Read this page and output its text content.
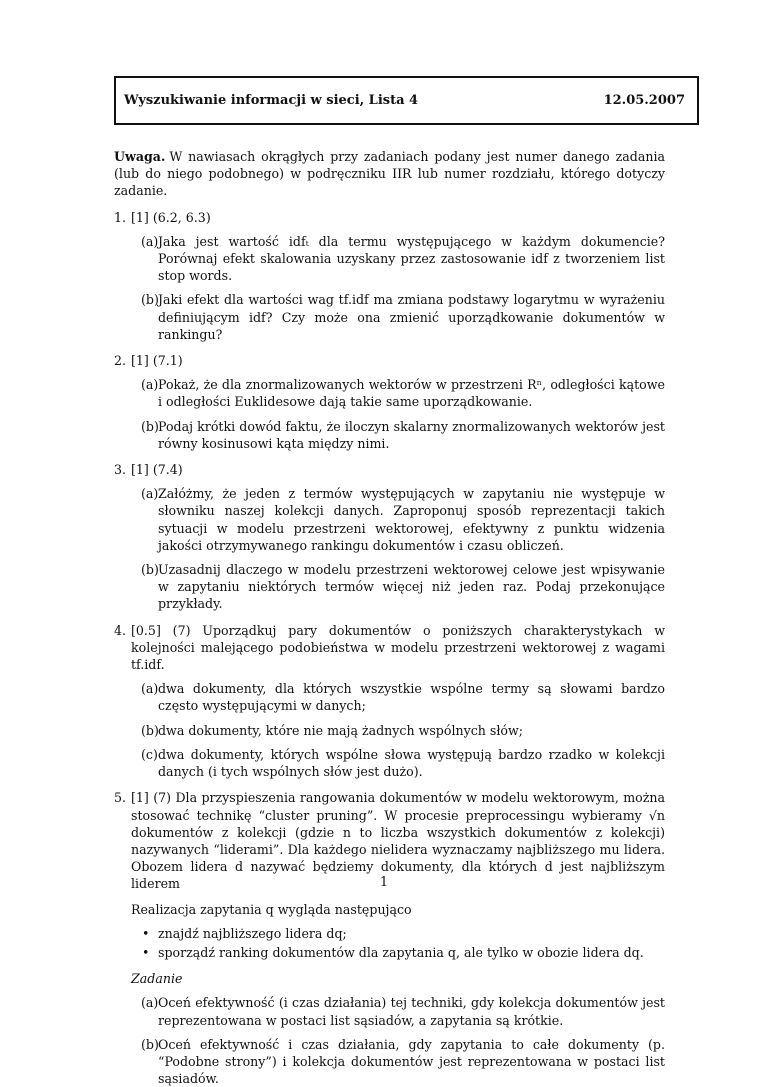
Wyszukiwanie informacji w sieci, Lista 4	12.05.2007

Uwaga. W nawiasach okrągłych przy zadaniach podany jest numer danego zadania (lub do niego podobnego) w podręczniku IIR lub numer rozdziału, którego dotyczy zadanie.

1. [1] (6.2, 6.3)

(a) Jaka jest wartość idfₜ dla termu występującego w każdym dokumencie? Porównaj efekt skalowania uzyskany przez zastosowanie idf z tworzeniem list stop words.

(b) Jaki efekt dla wartości wag tf.idf ma zmiana podstawy logarytmu w wyrażeniu definiującym idf? Czy może ona zmienić uporządkowanie dokumentów w rankingu?

2. [1] (7.1)

(a) Pokaż, że dla znormalizowanych wektorów w przestrzeni Rⁿ, odległości kątowe i odległości Euklidesowe dają takie same uporządkowanie.

(b) Podaj krótki dowód faktu, że iloczyn skalarny znormalizowanych wektorów jest równy kosinusowi kąta między nimi.

3. [1] (7.4)

(a) Załóżmy, że jeden z termów występujących w zapytaniu nie występuje w słowniku naszej kolekcji danych. Zaproponuj sposób reprezentacji takich sytuacji w modelu przestrzeni wektorowej, efektywny z punktu widzenia jakości otrzymywanego rankingu dokumentów i czasu obliczeń.

(b) Uzasadnij dlaczego w modelu przestrzeni wektorowej celowe jest wpisywanie w zapytaniu niektórych termów więcej niż jeden raz. Podaj przekonujące przykłady.

4. [0.5] (7) Uporządkuj pary dokumentów o poniższych charakterystykach w kolejności malejącego podobieństwa w modelu przestrzeni wektorowej z wagami tf.idf.

(a) dwa dokumenty, dla których wszystkie wspólne termy są słowami bardzo często występującymi w danych;

(b) dwa dokumenty, które nie mają żadnych wspólnych słów;

(c) dwa dokumenty, których wspólne słowa występują bardzo rzadko w kolekcji danych (i tych wspólnych słów jest dużo).

5. [1] (7) Dla przyspieszenia rangowania dokumentów w modelu wektorowym, można stosować technikę “cluster pruning”. W procesie preprocessingu wybieramy √n dokumentów z kolekcji (gdzie n to liczba wszystkich dokumentów z kolekcji) nazywanych “liderami”. Dla każdego nielidera wyznaczamy najbliższego mu lidera. Obozem lidera d nazywać będziemy dokumenty, dla których d jest najbliższym liderem

Realizacja zapytania q wygląda następująco

• znajdź najbliższego lidera dq;
• sporządź ranking dokumentów dla zapytania q, ale tylko w obozie lidera dq.

Zadanie

(a) Oceń efektywność (i czas działania) tej techniki, gdy kolekcja dokumentów jest reprezentowana w postaci list sąsiadów, a zapytania są krótkie.

(b) Oceń efektywność i czas działania, gdy zapytania to całe dokumenty (p. “Podobne strony”) i kolekcja dokumentów jest reprezentowana w postaci list sąsiadów.

1
